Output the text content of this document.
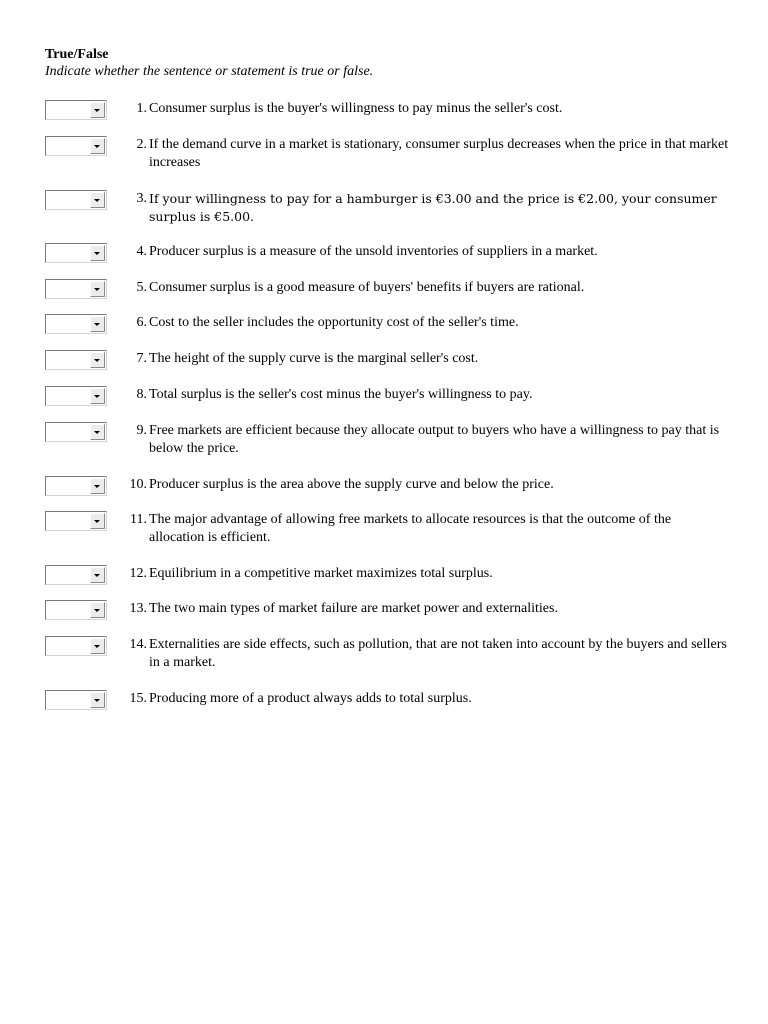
True/False
Indicate whether the sentence or statement is true or false.
1. Consumer surplus is the buyer's willingness to pay minus the seller's cost.
2. If the demand curve in a market is stationary, consumer surplus decreases when the price in that market increases
3. If your willingness to pay for a hamburger is €3.00 and the price is €2.00, your consumer surplus is €5.00.
4. Producer surplus is a measure of the unsold inventories of suppliers in a market.
5. Consumer surplus is a good measure of buyers' benefits if buyers are rational.
6. Cost to the seller includes the opportunity cost of the seller's time.
7. The height of the supply curve is the marginal seller's cost.
8. Total surplus is the seller's cost minus the buyer's willingness to pay.
9. Free markets are efficient because they allocate output to buyers who have a willingness to pay that is below the price.
10. Producer surplus is the area above the supply curve and below the price.
11. The major advantage of allowing free markets to allocate resources is that the outcome of the allocation is efficient.
12. Equilibrium in a competitive market maximizes total surplus.
13. The two main types of market failure are market power and externalities.
14. Externalities are side effects, such as pollution, that are not taken into account by the buyers and sellers in a market.
15. Producing more of a product always adds to total surplus.
